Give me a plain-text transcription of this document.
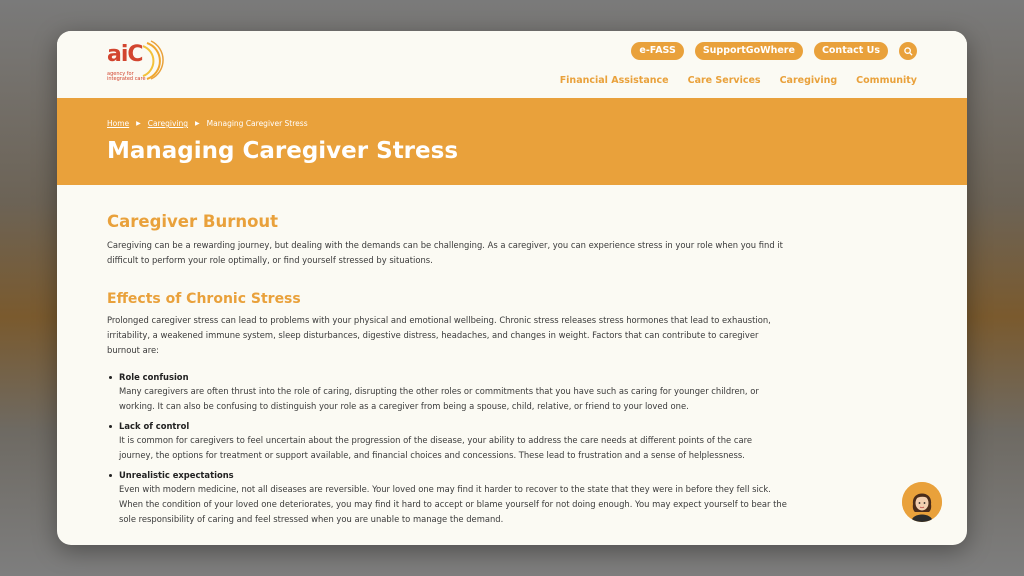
aiC
agency for integrated care
e-FASS	SupportGoWhere	Contact Us
Financial Assistance Care Services Caregiving Community
Home ▶ Caregiving ▶ Managing Caregiver Stress
Managing Caregiver Stress
Caregiver Burnout

Caregiving can be a rewarding journey, but dealing with the demands can be challenging. As a caregiver, you can experience stress in your role when you find it difficult to perform your role optimally, or find yourself stressed by situations.

Effects of Chronic Stress

Prolonged caregiver stress can lead to problems with your physical and emotional wellbeing. Chronic stress releases stress hormones that lead to exhaustion, irritability, a weakened immune system, sleep disturbances, digestive distress, headaches, and changes in weight. Factors that can contribute to caregiver burnout are:

Role confusion
Many caregivers are often thrust into the role of caring, disrupting the other roles or commitments that you have such as caring for younger children, or working. It can also be confusing to distinguish your role as a caregiver from being a spouse, child, relative, or friend to your loved one.
Lack of control
It is common for caregivers to feel uncertain about the progression of the disease, your ability to address the care needs at different points of the care journey, the options for treatment or support available, and financial choices and concessions. These lead to frustration and a sense of helplessness.
Unrealistic expectations
Even with modern medicine, not all diseases are reversible. Your loved one may find it harder to recover to the state that they were in before they fell sick. When the condition of your loved one deteriorates, you may find it hard to accept or blame yourself for not doing enough. You may expect yourself to bear the sole responsibility of caring and feel stressed when you are unable to manage the demand.
